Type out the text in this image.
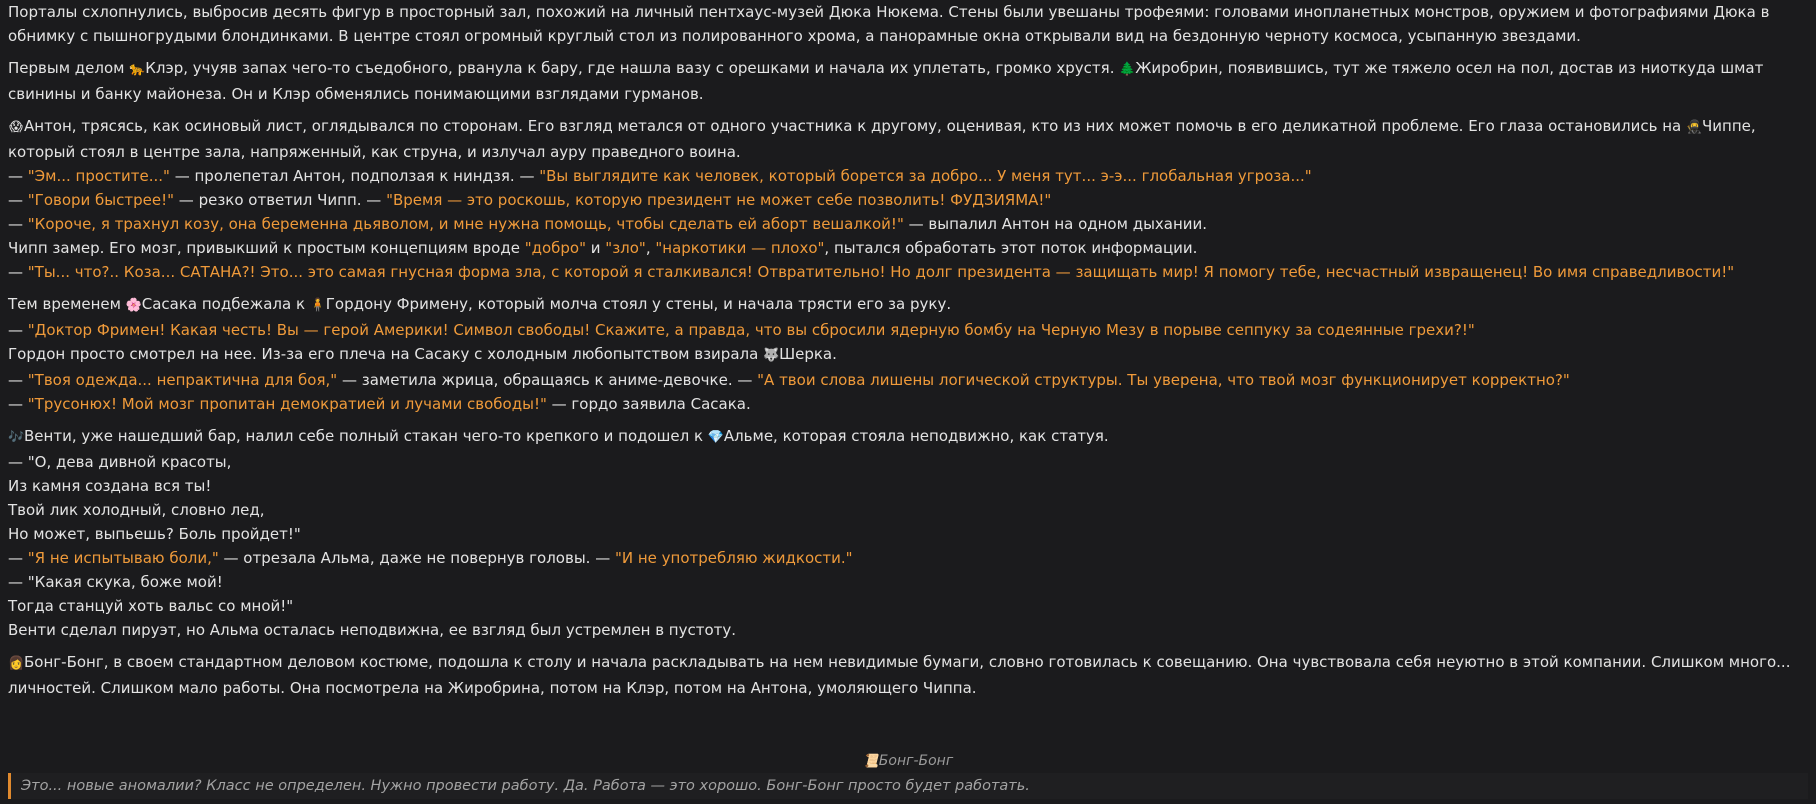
Порталы схлопнулись, выбросив десять фигур в просторный зал, похожий на личный пентхаус-музей Дюка Нюкема. Стены были увешаны трофеями: головами инопланетных монстров, оружием и фотографиями Дюка в обнимку с пышногрудыми блондинками. В центре стоял огромный круглый стол из полированного хрома, а панорамные окна открывали вид на бездонную черноту космоса, усыпанную звездами.

Первым делом 🐆Клэр, учуяв запах чего-то съедобного, рванула к бару, где нашла вазу с орешками и начала их уплетать, громко хрустя. 🌲Жиробрин, появившись, тут же тяжело осел на пол, достав из ниоткуда шмат свинины и банку майонеза. Он и Клэр обменялись понимающими взглядами гурманов.

😱Антон, трясясь, как осиновый лист, оглядывался по сторонам. Его взгляд метался от одного участника к другому, оценивая, кто из них может помочь в его деликатной проблеме. Его глаза остановились на 🥷Чиппе, который стоял в центре зала, напряженный, как струна, и излучал ауру праведного воина.

— "Эм... простите..." — пролепетал Антон, подползая к ниндзя. — "Вы выглядите как человек, который борется за добро... У меня тут... э-э... глобальная угроза..."

— "Говори быстрее!" — резко ответил Чипп. — "Время — это роскошь, которую президент не может себе позволить! ФУДЗИЯМА!"

— "Короче, я трахнул козу, она беременна дьяволом, и мне нужна помощь, чтобы сделать ей аборт вешалкой!" — выпалил Антон на одном дыхании.

Чипп замер. Его мозг, привыкший к простым концепциям вроде "добро" и "зло", "наркотики — плохо", пытался обработать этот поток информации.

— "Ты... что?.. Коза... САТАНА?! Это... это самая гнусная форма зла, с которой я сталкивался! Отвратительно! Но долг президента — защищать мир! Я помогу тебе, несчастный извращенец! Во имя справедливости!"

Тем временем 🌸Сасака подбежала к 🧍Гордону Фримену, который молча стоял у стены, и начала трясти его за руку.

— "Доктор Фримен! Какая честь! Вы — герой Америки! Символ свободы! Скажите, а правда, что вы сбросили ядерную бомбу на Черную Мезу в порыве сеппуку за содеянные грехи?!"

Гордон просто смотрел на нее. Из-за его плеча на Сасаку с холодным любопытством взирала 🐺Шерка.

— "Твоя одежда... непрактична для боя," — заметила жрица, обращаясь к аниме-девочке. — "А твои слова лишены логической структуры. Ты уверена, что твой мозг функционирует корректно?"

— "Трусонюх! Мой мозг пропитан демократией и лучами свободы!" — гордо заявила Сасака.

🎶Венти, уже нашедший бар, налил себе полный стакан чего-то крепкого и подошел к 💎Альме, которая стояла неподвижно, как статуя.

— "О, дева дивной красоты,

Из камня создана вся ты!

Твой лик холодный, словно лед,

Но может, выпьешь? Боль пройдет!"

— "Я не испытываю боли," — отрезала Альма, даже не повернув головы. — "И не употребляю жидкости."

— "Какая скука, боже мой!

Тогда станцуй хоть вальс со мной!"

Венти сделал пируэт, но Альма осталась неподвижна, ее взгляд был устремлен в пустоту.

👩Бонг-Бонг, в своем стандартном деловом костюме, подошла к столу и начала раскладывать на нем невидимые бумаги, словно готовилась к совещанию. Она чувствовала себя неуютно в этой компании. Слишком много... личностей. Слишком мало работы. Она посмотрела на Жиробрина, потом на Клэр, потом на Антона, умоляющего Чиппа.

📜Бонг-Бонг
Это... новые аномалии? Класс не определен. Нужно провести работу. Да. Работа — это хорошо. Бонг-Бонг просто будет работать.
